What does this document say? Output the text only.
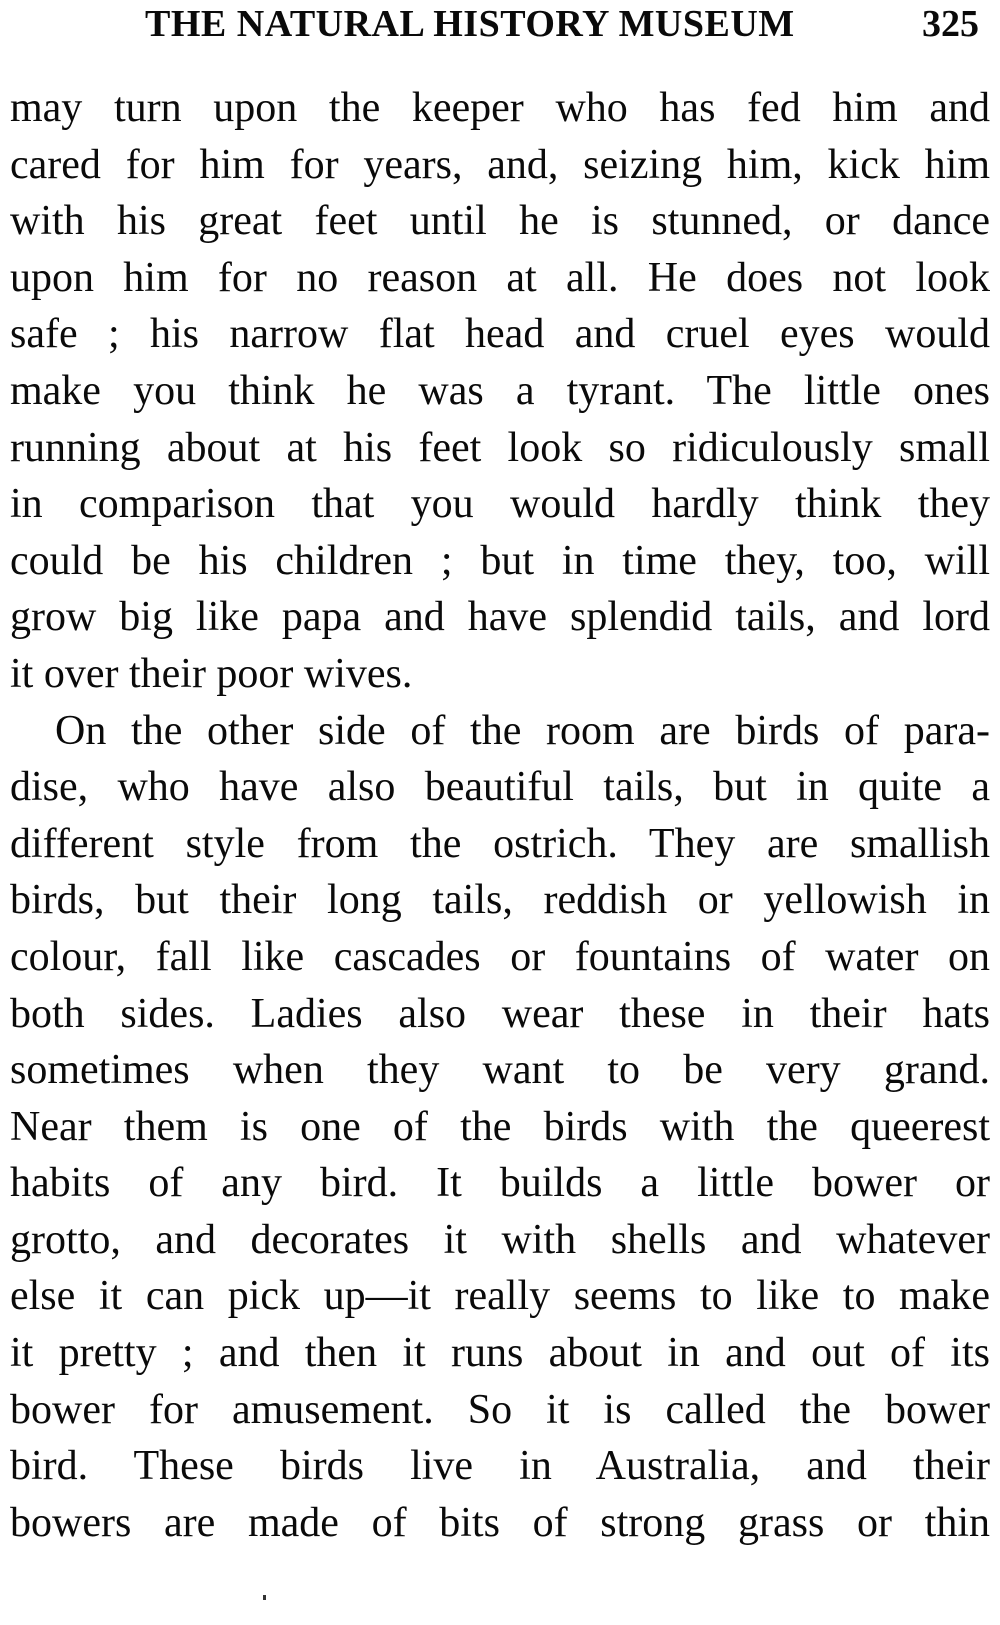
THE NATURAL HISTORY MUSEUM	325
may turn upon the keeper who has fed him and
cared for him for years, and, seizing him, kick him
with his great feet until he is stunned, or dance
upon him for no reason at all. He does not look
safe ; his narrow flat head and cruel eyes would
make you think he was a tyrant. The little ones
running about at his feet look so ridiculously small
in comparison that you would hardly think they
could be his children ; but in time they, too, will
grow big like papa and have splendid tails, and lord
it over their poor wives.
On the other side of the room are birds of para-
dise, who have also beautiful tails, but in quite a
different style from the ostrich. They are smallish
birds, but their long tails, reddish or yellowish in
colour, fall like cascades or fountains of water on
both sides. Ladies also wear these in their hats
sometimes when they want to be very grand.
Near them is one of the birds with the queerest
habits of any bird. It builds a little bower or
grotto, and decorates it with shells and whatever
else it can pick up—it really seems to like to make
it pretty ; and then it runs about in and out of its
bower for amusement. So it is called the bower
bird. These birds live in Australia, and their
bowers are made of bits of strong grass or thin
